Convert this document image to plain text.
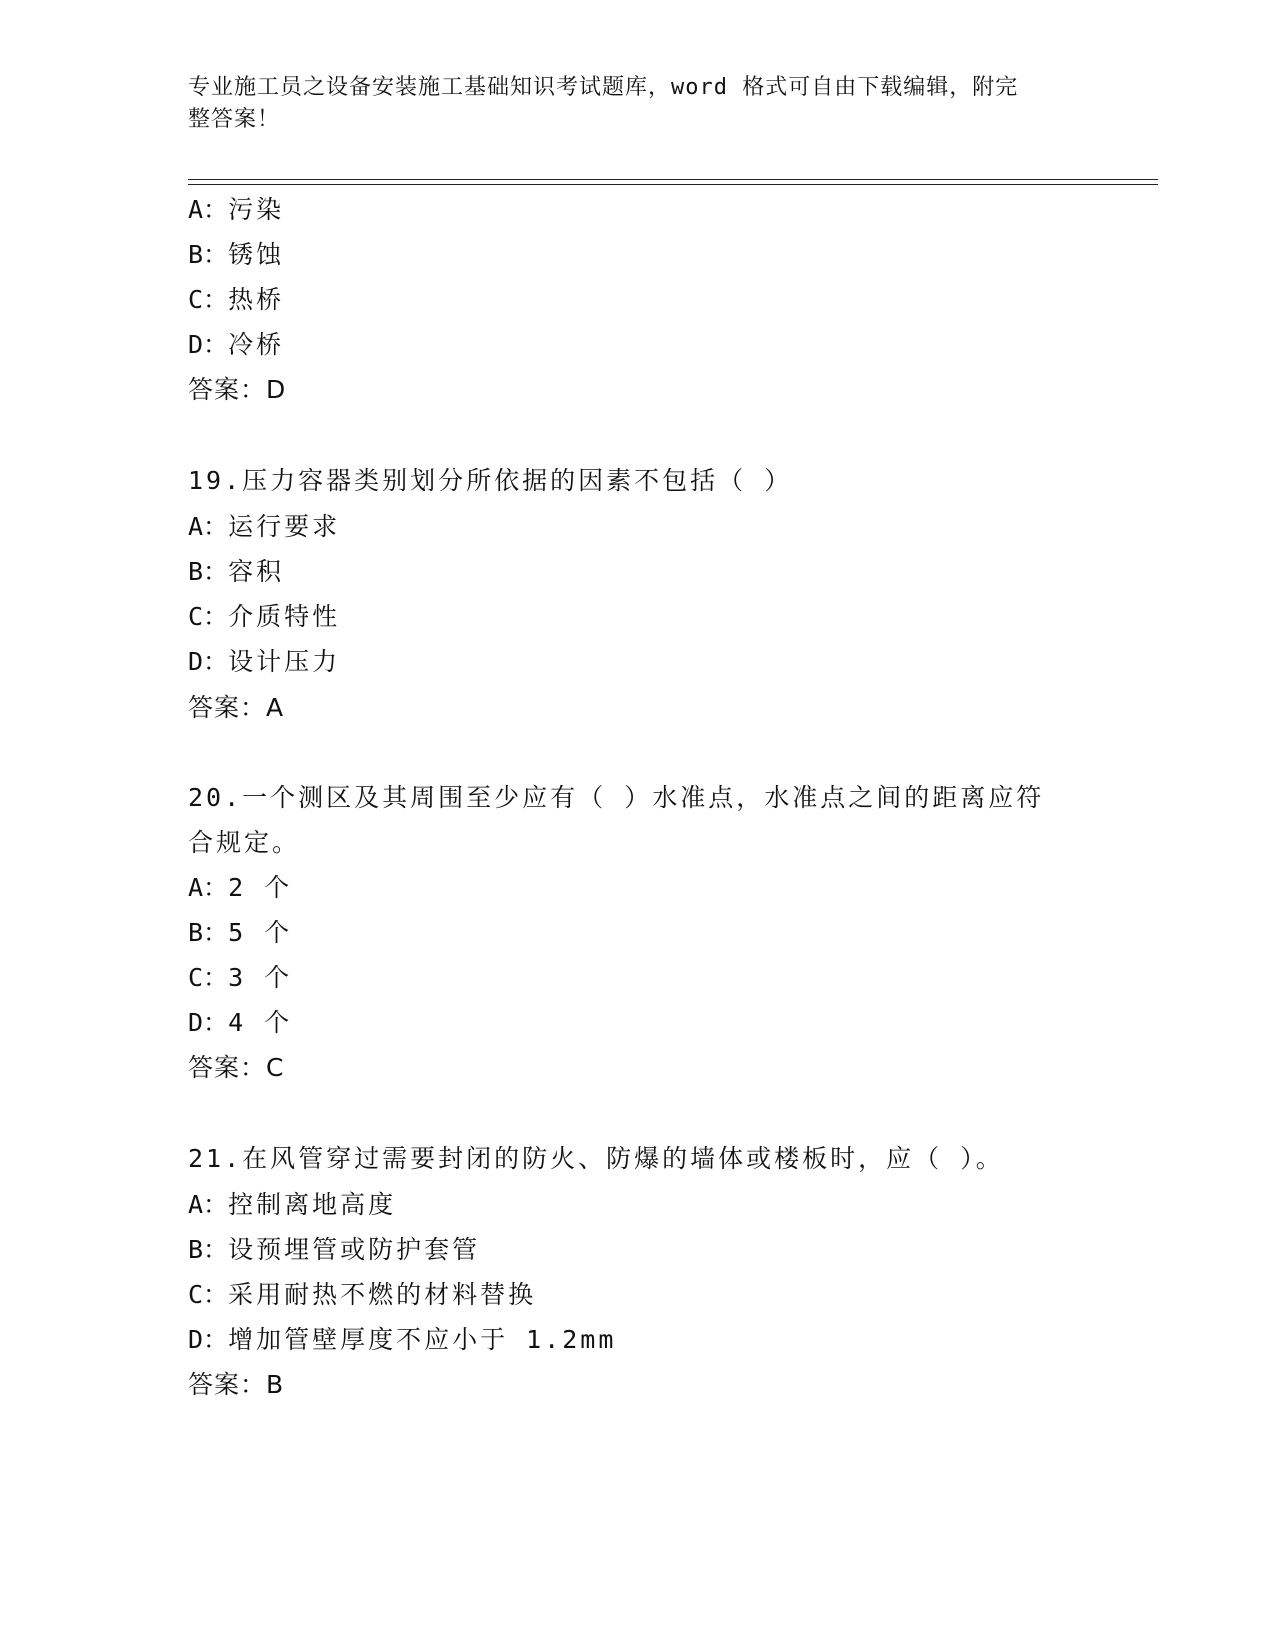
专业施工员之设备安装施工基础知识考试题库，word 格式可自由下载编辑，附完
整答案！
A：污染
B：锈蚀
C：热桥
D：冷桥
答案：D
19.压力容器类别划分所依据的因素不包括（ ）
A：运行要求
B：容积
C：介质特性
D：设计压力
答案：A
20.一个测区及其周围至少应有（ ）水准点，水准点之间的距离应符
合规定。
A：2 个
B：5 个
C：3 个
D：4 个
答案：C
21.在风管穿过需要封闭的防火、防爆的墙体或楼板时，应（ ）。
A：控制离地高度
B：设预埋管或防护套管
C：采用耐热不燃的材料替换
D：增加管壁厚度不应小于 1.2mm
答案：B
